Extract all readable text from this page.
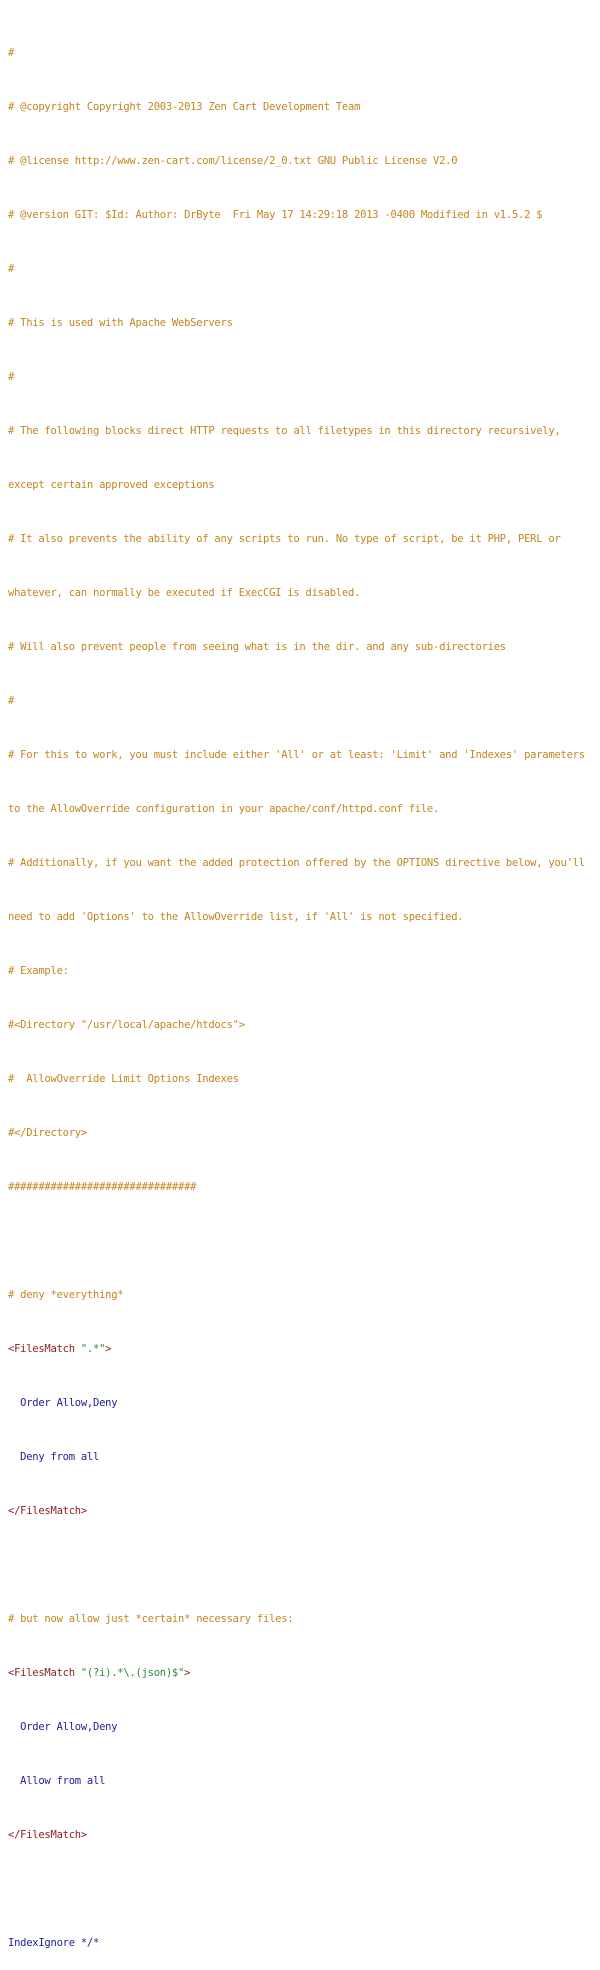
#

# @copyright Copyright 2003-2013 Zen Cart Development Team

# @license http://www.zen-cart.com/license/2_0.txt GNU Public License V2.0

# @version GIT: $Id: Author: DrByte  Fri May 17 14:29:18 2013 -0400 Modified in v1.5.2 $

#

# This is used with Apache WebServers

#

# The following blocks direct HTTP requests to all filetypes in this directory recursively,

except certain approved exceptions

# It also prevents the ability of any scripts to run. No type of script, be it PHP, PERL or

whatever, can normally be executed if ExecCGI is disabled.

# Will also prevent people from seeing what is in the dir. and any sub-directories

#

# For this to work, you must include either 'All' or at least: 'Limit' and 'Indexes' parameters

to the AllowOverride configuration in your apache/conf/httpd.conf file.

# Additionally, if you want the added protection offered by the OPTIONS directive below, you'll

need to add 'Options' to the AllowOverride list, if 'All' is not specified.

# Example:

#<Directory "/usr/local/apache/htdocs">

#  AllowOverride Limit Options Indexes

#</Directory>

###############################

# deny *everything*

<FilesMatch ".*">

Order Allow,Deny

Deny from all

</FilesMatch>

# but now allow just *certain* necessary files:

<FilesMatch "(?i).*\.(json)$">

Order Allow,Deny

Allow from all

</FilesMatch>

IndexIgnore */*
